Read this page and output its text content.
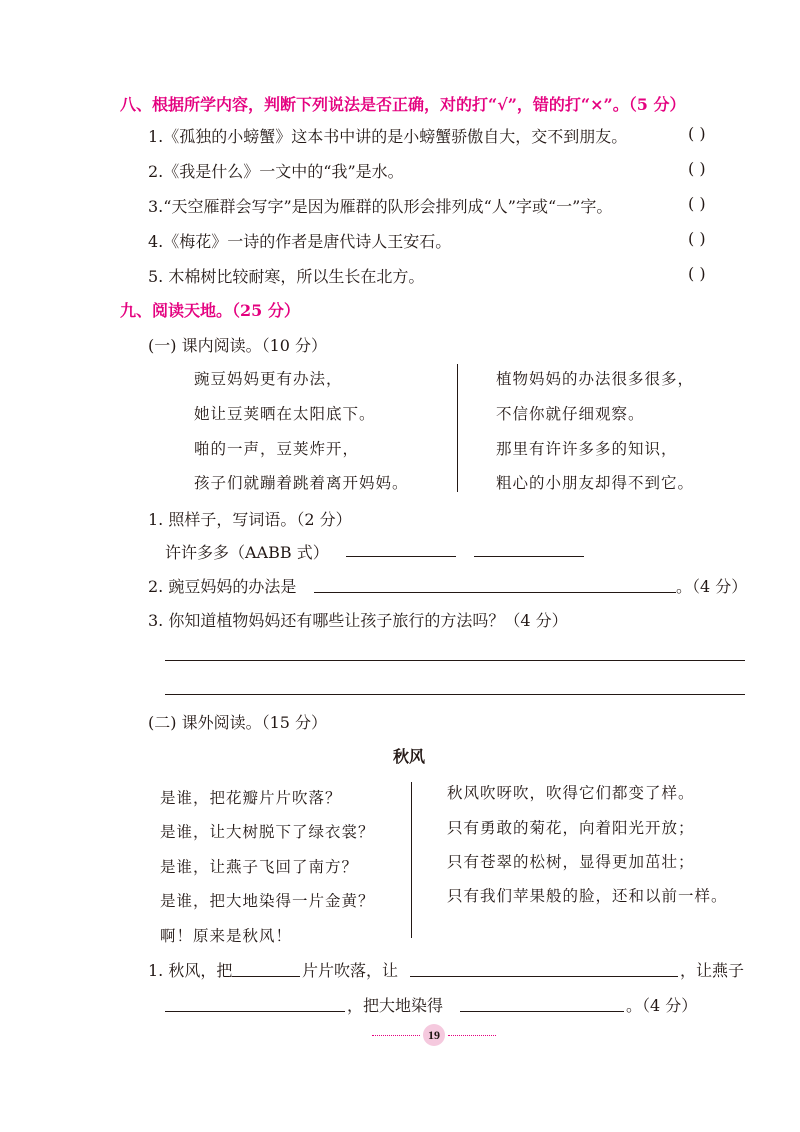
八、根据所学内容，判断下列说法是否正确，对的打“√”，错的打“×”。（5 分）
1.《孤独的小螃蟹》这本书中讲的是小螃蟹骄傲自大，交不到朋友。	( )
2.《我是什么》一文中的“我”是水。	( )
3.“天空雁群会写字”是因为雁群的队形会排列成“人”字或“一”字。	( )
4.《梅花》一诗的作者是唐代诗人王安石。	( )
5. 木棉树比较耐寒，所以生长在北方。	( )
九、阅读天地。（25 分）
(一) 课内阅读。（10 分）
豌豆妈妈更有办法，
她让豆荚晒在太阳底下。
啪的一声，豆荚炸开，
孩子们就蹦着跳着离开妈妈。
植物妈妈的办法很多很多，
不信你就仔细观察。
那里有许许多多的知识，
粗心的小朋友却得不到它。
1. 照样子，写词语。（2 分）
许许多多（AABB 式）
2. 豌豆妈妈的办法是	。（4 分）
3. 你知道植物妈妈还有哪些让孩子旅行的方法吗？（4 分）
(二) 课外阅读。（15 分）
秋风
是谁，把花瓣片片吹落？
是谁，让大树脱下了绿衣裳？
是谁，让燕子飞回了南方？
是谁，把大地染得一片金黄？
啊！原来是秋风！
秋风吹呀吹，吹得它们都变了样。
只有勇敢的菊花，向着阳光开放；
只有苍翠的松树，显得更加茁壮；
只有我们苹果般的脸，还和以前一样。
1. 秋风，把	片片吹落，让	，让燕子
，把大地染得	。（4 分）
19
